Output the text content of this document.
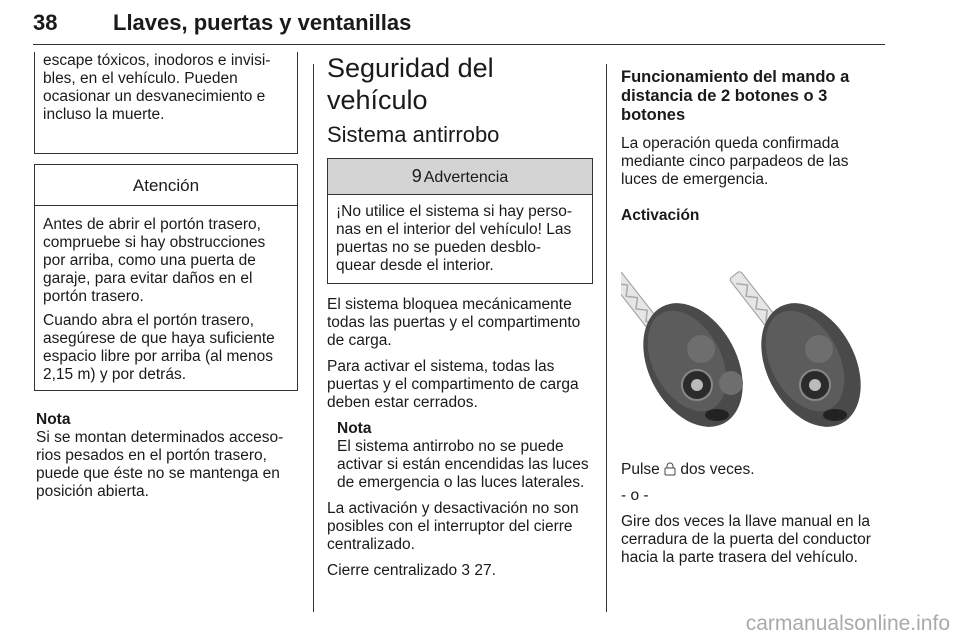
38	Llaves, puertas y ventanillas

escape tóxicos, inodoros e invisi-

bles, en el vehículo. Pueden

ocasionar un desvanecimiento e

incluso la muerte.

Atención

Antes de abrir el portón trasero, compruebe si hay obstrucciones por arriba, como una puerta de garaje, para evitar daños en el portón trasero.

Cuando abra el portón trasero, asegúrese de que haya suficiente espacio libre por arriba (al menos 2,15 m) y por detrás.

Nota
Si se montan determinados acceso- rios pesados en el portón trasero, puede que éste no se mantenga en posición abierta.
Seguridad del vehículo
Sistema antirrobo
9 Advertencia
¡No utilice el sistema si hay perso- nas en el interior del vehículo! Las puertas no se pueden desblo- quear desde el interior.

El sistema bloquea mecánicamente todas las puertas y el compartimento de carga.

Para activar el sistema, todas las puertas y el compartimento de carga deben estar cerrados.

Nota
El sistema antirrobo no se puede activar si están encendidas las luces de emergencia o las luces laterales.

La activación y desactivación no son posibles con el interruptor del cierre centralizado.

Cierre centralizado 3 27.

Funcionamiento del mando a distancia de 2 botones o 3 botones

La operación queda confirmada mediante cinco parpadeos de las luces de emergencia.

Activación

Pulse dos veces.

- o -

Gire dos veces la llave manual en la cerradura de la puerta del conductor hacia la parte trasera del vehículo.

carmanualsonline.info
